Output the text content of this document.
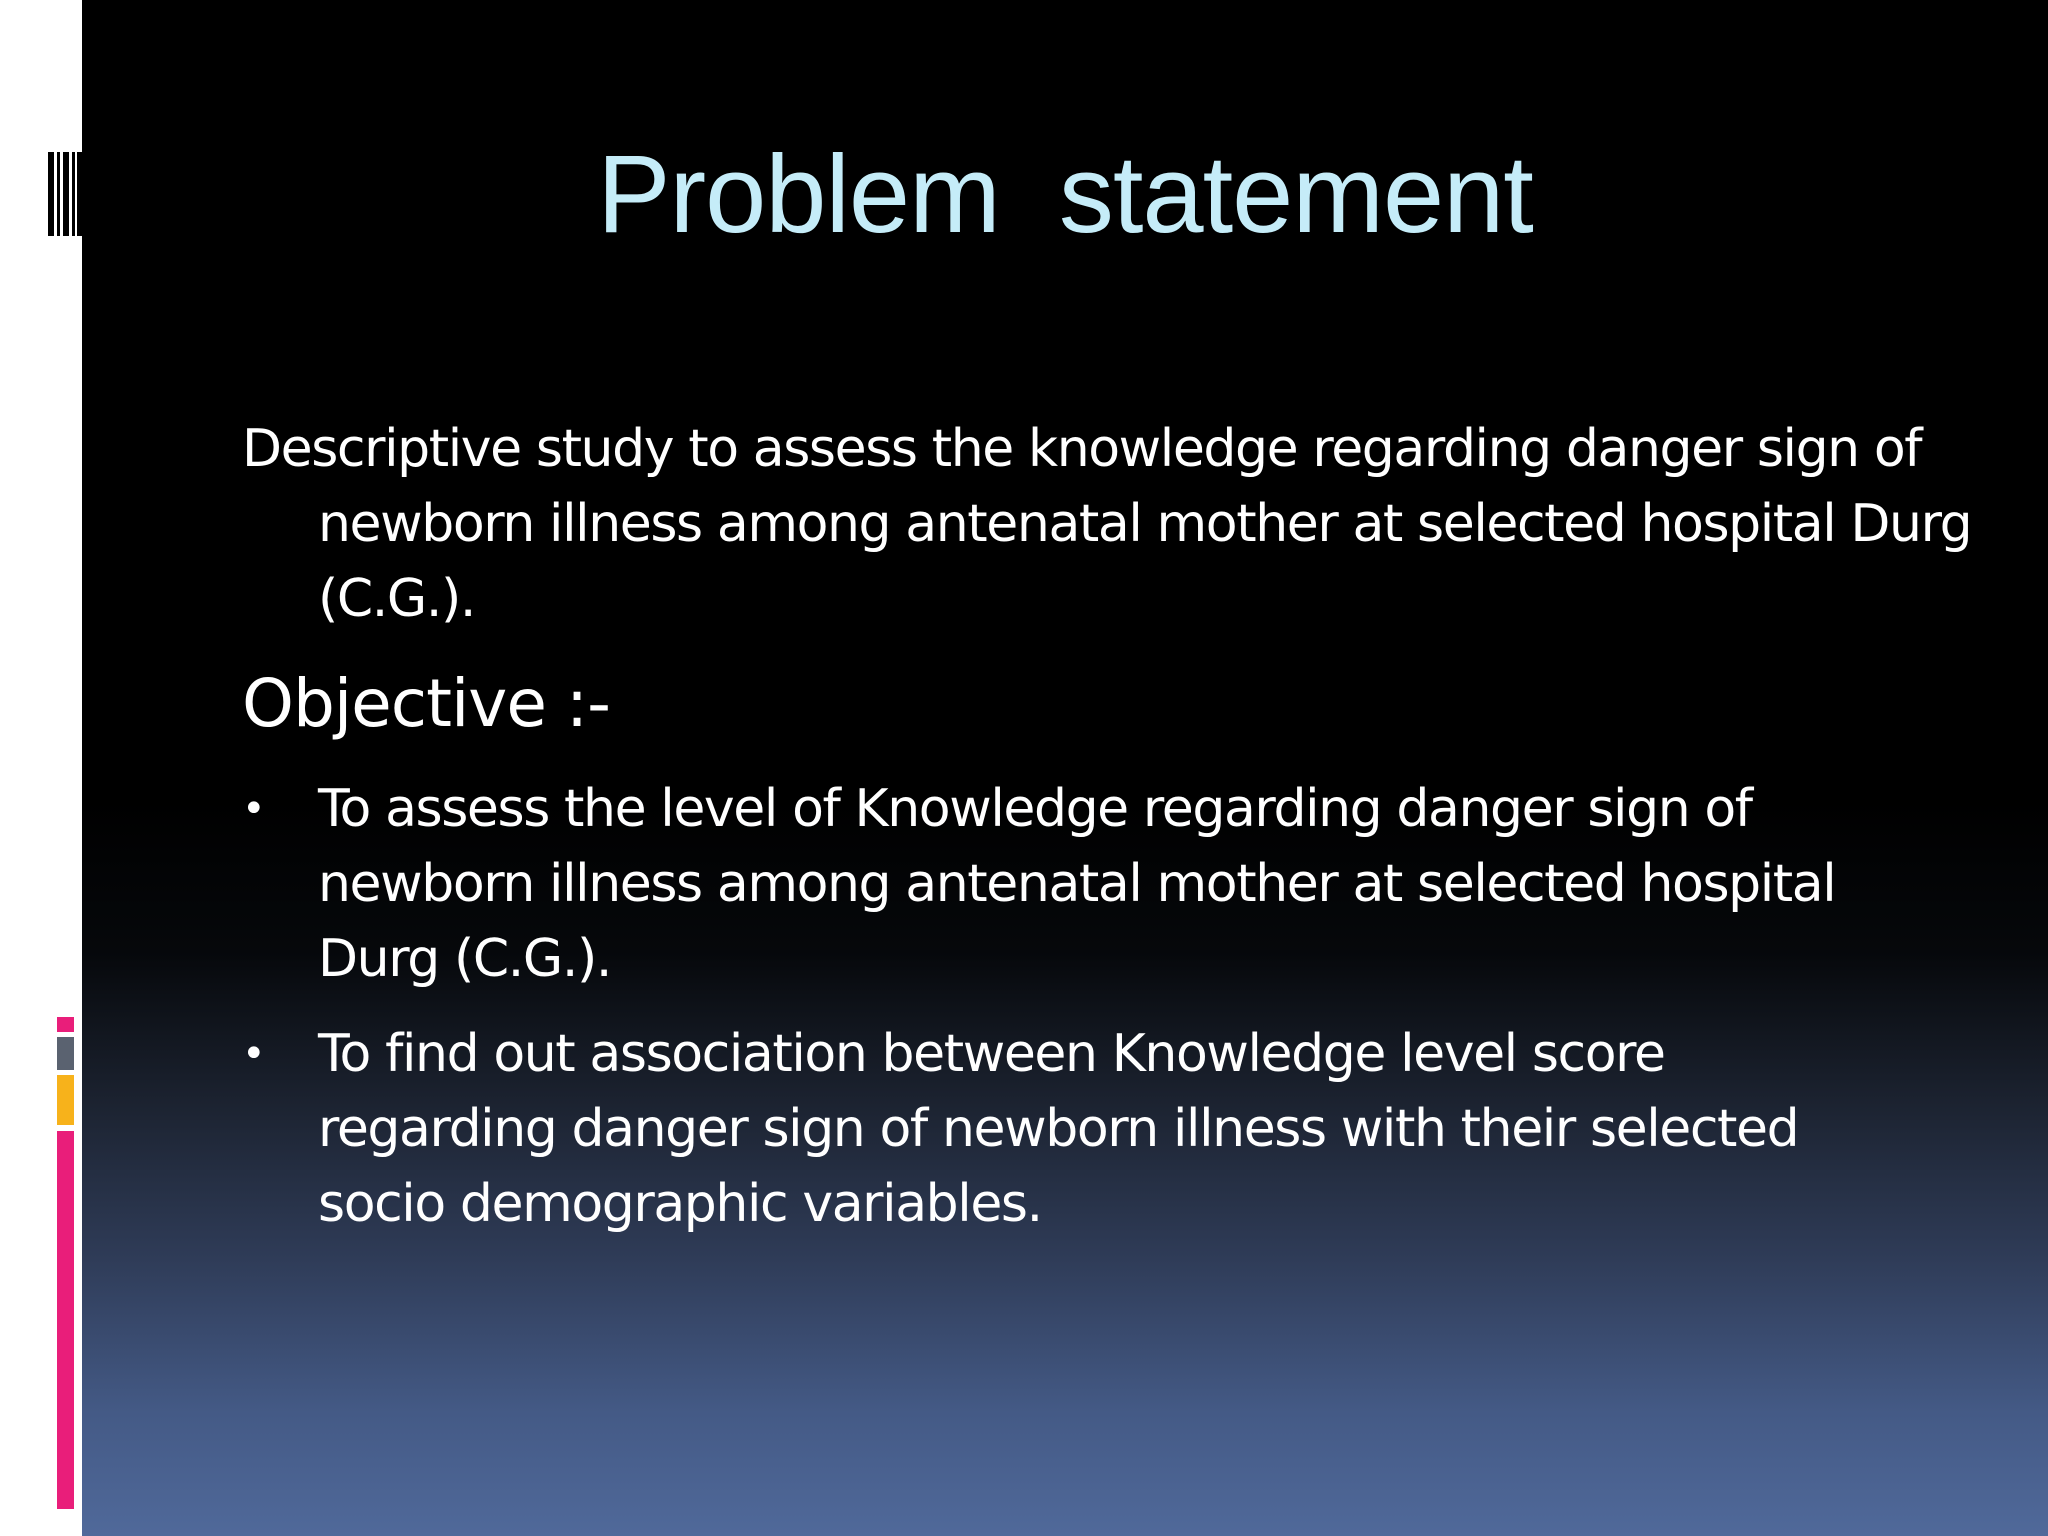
Problem  statement
Descriptive study to assess the knowledge regarding danger sign of newborn illness among antenatal mother at selected hospital Durg (C.G.).
Objective :-
• To assess the level of Knowledge regarding danger sign of newborn illness among antenatal mother at selected hospital Durg (C.G.).
• To find out association between Knowledge level score regarding danger sign of newborn illness with their selected socio demographic variables.
